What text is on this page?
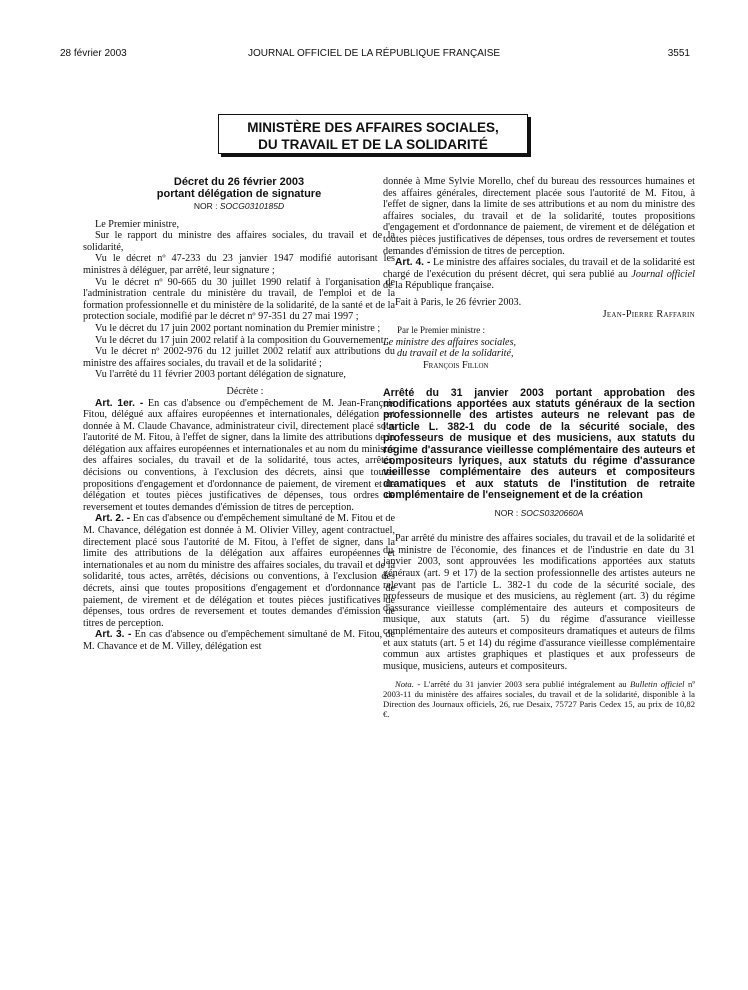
28 février 2003	JOURNAL OFFICIEL DE LA RÉPUBLIQUE FRANÇAISE	3551
MINISTÈRE DES AFFAIRES SOCIALES,
DU TRAVAIL ET DE LA SOLIDARITÉ
Décret du 26 février 2003
portant délégation de signature
NOR : SOCG0310185D

Le Premier ministre,

Sur le rapport du ministre des affaires sociales, du travail et de la solidarité,

Vu le décret nº 47-233 du 23 janvier 1947 modifié autorisant les ministres à déléguer, par arrêté, leur signature ;

Vu le décret nº 90-665 du 30 juillet 1990 relatif à l'organisation de l'administration centrale du ministère du travail, de l'emploi et de la formation professionnelle et du ministère de la solidarité, de la santé et de la protection sociale, modifié par le décret nº 97-351 du 27 mai 1997 ;

Vu le décret du 17 juin 2002 portant nomination du Premier ministre ;

Vu le décret du 17 juin 2002 relatif à la composition du Gouvernement ;

Vu le décret nº 2002-976 du 12 juillet 2002 relatif aux attributions du ministre des affaires sociales, du travail et de la solidarité ;

Vu l'arrêté du 11 février 2003 portant délégation de signature,

Décrète :

Art. 1er. - En cas d'absence ou d'empêchement de M. Jean-François Fitou, délégué aux affaires européennes et internationales, délégation est donnée à M. Claude Chavance, administrateur civil, directement placé sous l'autorité de M. Fitou, à l'effet de signer, dans la limite des attributions de la délégation aux affaires européennes et internationales et au nom du ministre des affaires sociales, du travail et de la solidarité, tous actes, arrêtés, décisions ou conventions, à l'exclusion des décrets, ainsi que toutes propositions d'engagement et d'ordonnance de paiement, de virement et de délégation et toutes pièces justificatives de dépenses, tous ordres de reversement et toutes demandes d'émission de titres de perception.

Art. 2. - En cas d'absence ou d'empêchement simultané de M. Fitou et de M. Chavance, délégation est donnée à M. Olivier Villey, agent contractuel, directement placé sous l'autorité de M. Fitou, à l'effet de signer, dans la limite des attributions de la délégation aux affaires européennes et internationales et au nom du ministre des affaires sociales, du travail et de la solidarité, tous actes, arrêtés, décisions ou conventions, à l'exclusion des décrets, ainsi que toutes propositions d'engagement et d'ordonnance de paiement, de virement et de délégation et toutes pièces justificatives de dépenses, tous ordres de reversement et toutes demandes d'émission de titres de perception.

Art. 3. - En cas d'absence ou d'empêchement simultané de M. Fitou, de M. Chavance et de M. Villey, délégation est

donnée à Mme Sylvie Morello, chef du bureau des ressources humaines et des affaires générales, directement placée sous l'autorité de M. Fitou, à l'effet de signer, dans la limite de ses attributions et au nom du ministre des affaires sociales, du travail et de la solidarité, toutes propositions d'engagement et d'ordonnance de paiement, de virement et de délégation et toutes pièces justificatives de dépenses, tous ordres de reversement et toutes demandes d'émission de titres de perception.

Art. 4. - Le ministre des affaires sociales, du travail et de la solidarité est chargé de l'exécution du présent décret, qui sera publié au Journal officiel de la République française.

Fait à Paris, le 26 février 2003.

Jean-Pierre Raffarin
Par le Premier ministre :
Le ministre des affaires sociales,
du travail et de la solidarité,
François Fillon
Arrêté du 31 janvier 2003 portant approbation des modifications apportées aux statuts généraux de la section professionnelle des artistes auteurs ne relevant pas de l'article L. 382-1 du code de la sécurité sociale, des professeurs de musique et des musiciens, aux statuts du régime d'assurance vieillesse complémentaire des auteurs et compositeurs lyriques, aux statuts du régime d'assurance vieillesse complémentaire des auteurs et compositeurs dramatiques et aux statuts de l'institution de retraite complémentaire de l'enseignement et de la création
NOR : SOCS0320660A

Par arrêté du ministre des affaires sociales, du travail et de la solidarité et du ministre de l'économie, des finances et de l'industrie en date du 31 janvier 2003, sont approuvées les modifications apportées aux statuts généraux (art. 9 et 17) de la section professionnelle des artistes auteurs ne relevant pas de l'article L. 382-1 du code de la sécurité sociale, des professeurs de musique et des musiciens, au règlement (art. 3) du régime d'assurance vieillesse complémentaire des auteurs et compositeurs de musique, aux statuts (art. 5) du régime d'assurance vieillesse complémentaire des auteurs et compositeurs dramatiques et auteurs de films et aux statuts (art. 5 et 14) du régime d'assurance vieillesse complémentaire commun aux artistes graphiques et plastiques et aux professeurs de musique, musiciens, auteurs et compositeurs.

Nota. - L'arrêté du 31 janvier 2003 sera publié intégralement au Bulletin officiel nº 2003-11 du ministère des affaires sociales, du travail et de la solidarité, disponible à la Direction des Journaux officiels, 26, rue Desaix, 75727 Paris Cedex 15, au prix de 10,82 €.
